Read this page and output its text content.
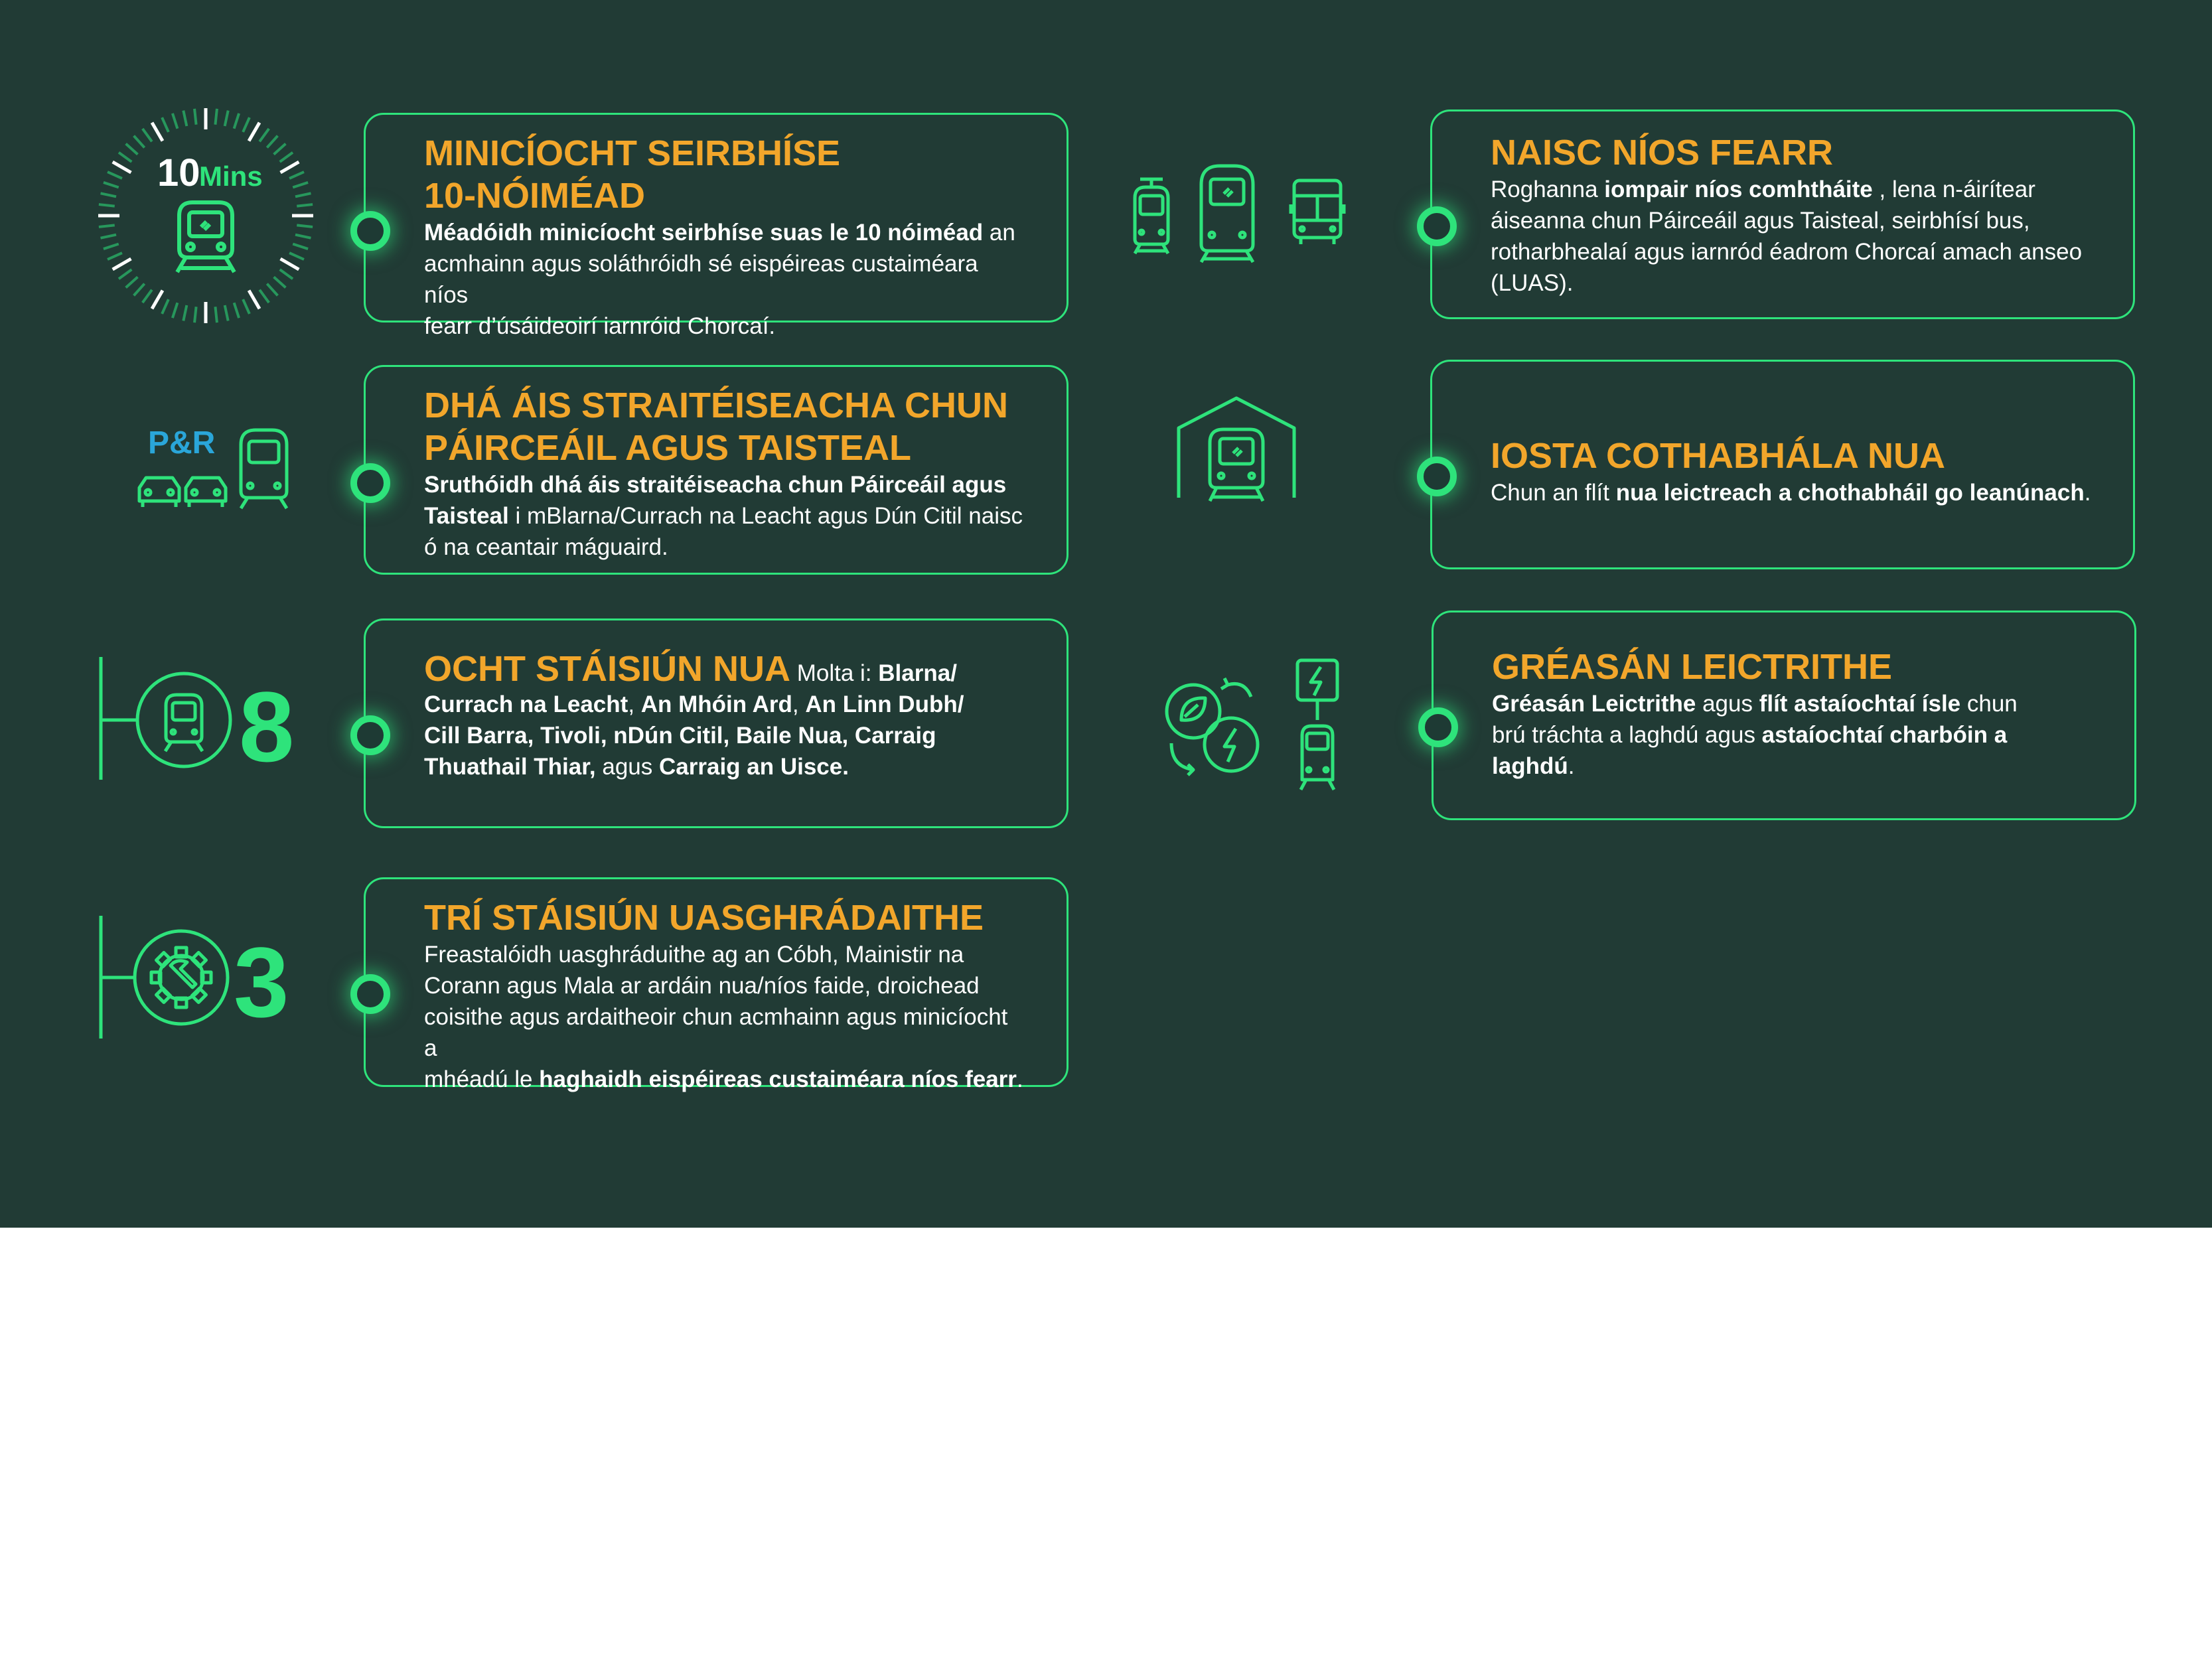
10
Mins

MINICÍOCHT SEIRBHÍSE

10-NÓIMÉAD

Méadóidh minicíocht seirbhíse suas le 10 nóiméad an

acmhainn agus soláthróidh sé eispéireas custaiméara níos

fearr d’úsáideoirí iarnróid Chorcaí.

P&R

DHÁ ÁIS STRAITÉISEACHA CHUN

PÁIRCEÁIL AGUS TAISTEAL

Sruthóidh dhá áis straitéiseacha chun Páirceáil agus

Taisteal i mBlarna/Currach na Leacht agus Dún Citil naisc

ó na ceantair máguaird.

8

OCHT STÁISIÚN NUA Molta i: Blarna/

Currach na Leacht, An Mhóin Ard, An Linn Dubh/

Cill Barra, Tivoli, nDún Citil, Baile Nua, Carraig

Thuathail Thiar, agus Carraig an Uisce.

3

TRÍ STÁISIÚN UASGHRÁDAITHE

Freastalóidh uasghráduithe ag an Cóbh, Mainistir na

Corann agus Mala ar ardáin nua/níos faide, droichead

coisithe agus ardaitheoir chun acmhainn agus minicíocht a

mhéadú le haghaidh eispéireas custaiméara níos fearr.

NAISC NÍOS FEARR

Roghanna iompair níos comhtháite , lena n-áirítear

áiseanna chun Páirceáil agus Taisteal, seirbhísí bus,

rotharbhealaí agus iarnród éadrom Chorcaí amach anseo

(LUAS).

IOSTA COTHABHÁLA NUA

Chun an flít nua leictreach a chothabháil go leanúnach.

GRÉASÁN LEICTRITHE

Gréasán Leictrithe agus flít astaíochtaí ísle chun

brú tráchta a laghdú agus astaíochtaí charbóin a

laghdú.
